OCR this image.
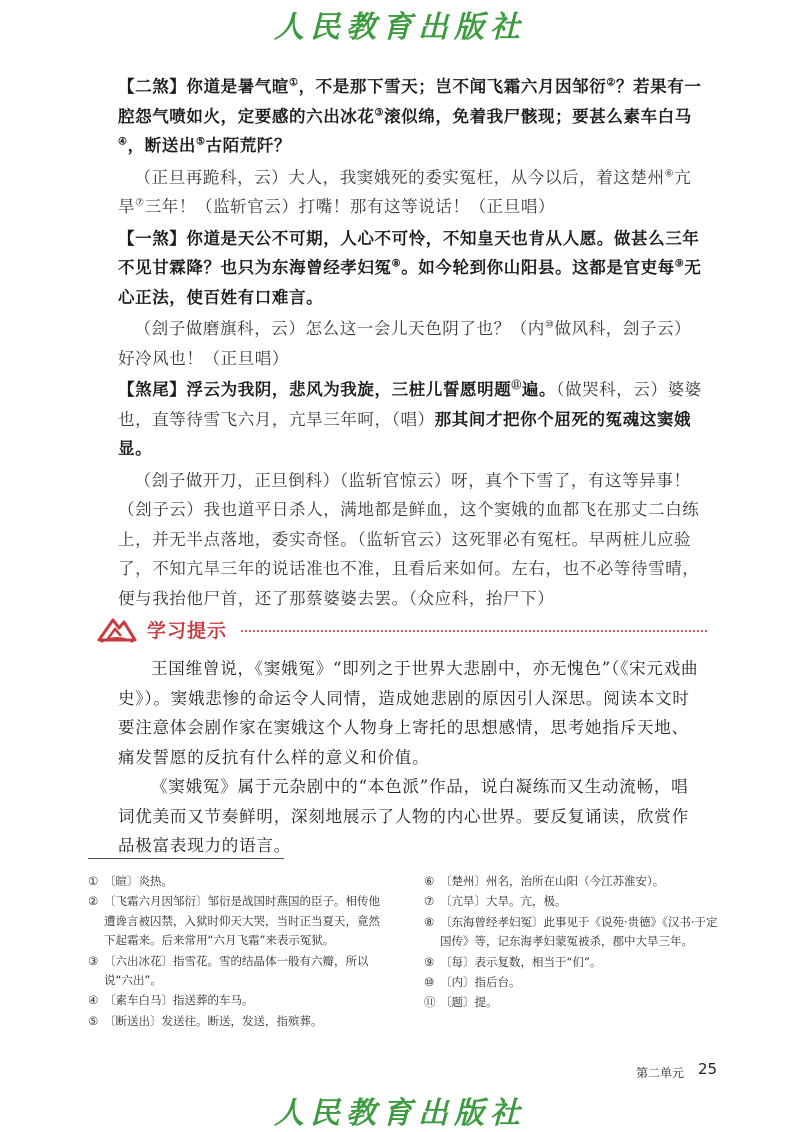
人民教育出版社

【二煞】你道是暑气暄①，不是那下雪天；岂不闻飞霜六月因邹衍②？若果有一腔怨气喷如火，定要感的六出冰花③滚似绵，免着我尸骸现；要甚么素车白马④，断送出⑤古陌荒阡？

（正旦再跪科，云）大人，我窦娥死的委实冤枉，从今以后，着这楚州⑥亢旱⑦三年！（监斩官云）打嘴！那有这等说话！（正旦唱）

【一煞】你道是天公不可期，人心不可怜，不知皇天也肯从人愿。做甚么三年不见甘霖降？也只为东海曾经孝妇冤⑧。如今轮到你山阳县。这都是官吏每⑨无心正法，使百姓有口难言。

（刽子做磨旗科，云）怎么这一会儿天色阴了也？（内⑩做风科，刽子云）好冷风也！（正旦唱）

【煞尾】浮云为我阴，悲风为我旋，三桩儿誓愿明题⑪遍。（做哭科，云）婆婆也，直等待雪飞六月，亢旱三年呵，（唱）那其间才把你个屈死的冤魂这窦娥显。

（刽子做开刀，正旦倒科）（监斩官惊云）呀，真个下雪了，有这等异事！（刽子云）我也道平日杀人，满地都是鲜血，这个窦娥的血都飞在那丈二白练上，并无半点落地，委实奇怪。（监斩官云）这死罪必有冤枉。早两桩儿应验了，不知亢旱三年的说话准也不准，且看后来如何。左右，也不必等待雪晴，便与我抬他尸首，还了那蔡婆婆去罢。（众应科，抬尸下）

学习提示

王国维曾说，《窦娥冤》“即列之于世界大悲剧中，亦无愧色”（《宋元戏曲史》）。窦娥悲惨的命运令人同情，造成她悲剧的原因引人深思。阅读本文时要注意体会剧作家在窦娥这个人物身上寄托的思想感情，思考她指斥天地、痛发誓愿的反抗有什么样的意义和价值。

《窦娥冤》属于元杂剧中的“本色派”作品，说白凝练而又生动流畅，唱词优美而又节奏鲜明，深刻地展示了人物的内心世界。要反复诵读，欣赏作品极富表现力的语言。

① 〔暄〕炎热。

② 〔飞霜六月因邹衍〕邹衍是战国时燕国的臣子。相传他遭谗言被囚禁，入狱时仰天大哭，当时正当夏天，竟然下起霜来。后来常用“六月飞霜”来表示冤狱。

③ 〔六出冰花〕指雪花。雪的结晶体一般有六瓣，所以说“六出”。

④ 〔素车白马〕指送葬的车马。

⑤ 〔断送出〕发送往。断送，发送，指殡葬。

⑥ 〔楚州〕州名，治所在山阳（今江苏淮安）。

⑦ 〔亢旱〕大旱。亢，极。

⑧ 〔东海曾经孝妇冤〕此事见于《说苑·贵德》《汉书·于定国传》等，记东海孝妇蒙冤被杀，郡中大旱三年。

⑨ 〔每〕表示复数，相当于“们”。

⑩ 〔内〕指后台。

⑪ 〔题〕提。

第二单元 25
人民教育出版社
